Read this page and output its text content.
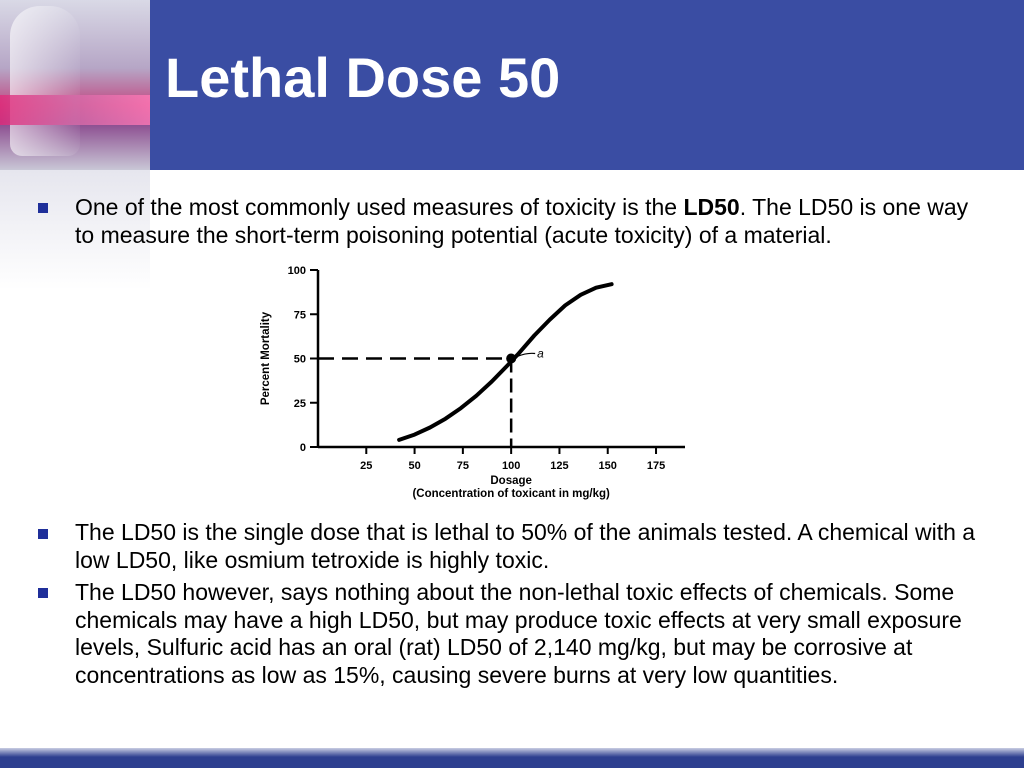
Lethal Dose 50
One of the most commonly used measures of toxicity is the LD50. The LD50 is one way to measure the short-term poisoning potential (acute toxicity) of a material.
0
25
50
75
100
25	50	75	100	125	150	175
a
Dosage
(Concentration of toxicant in mg/kg)
Percent Mortality
The LD50 is the single dose that is lethal to 50% of the animals tested. A chemical with a low LD50, like osmium tetroxide is highly toxic.
The LD50 however, says nothing about the non-lethal toxic effects of chemicals. Some chemicals may have a high LD50, but may produce toxic effects at very small exposure levels, Sulfuric acid has an oral (rat) LD50 of 2,140 mg/kg, but may be corrosive at concentrations as low as 15%, causing severe burns at very low quantities.
